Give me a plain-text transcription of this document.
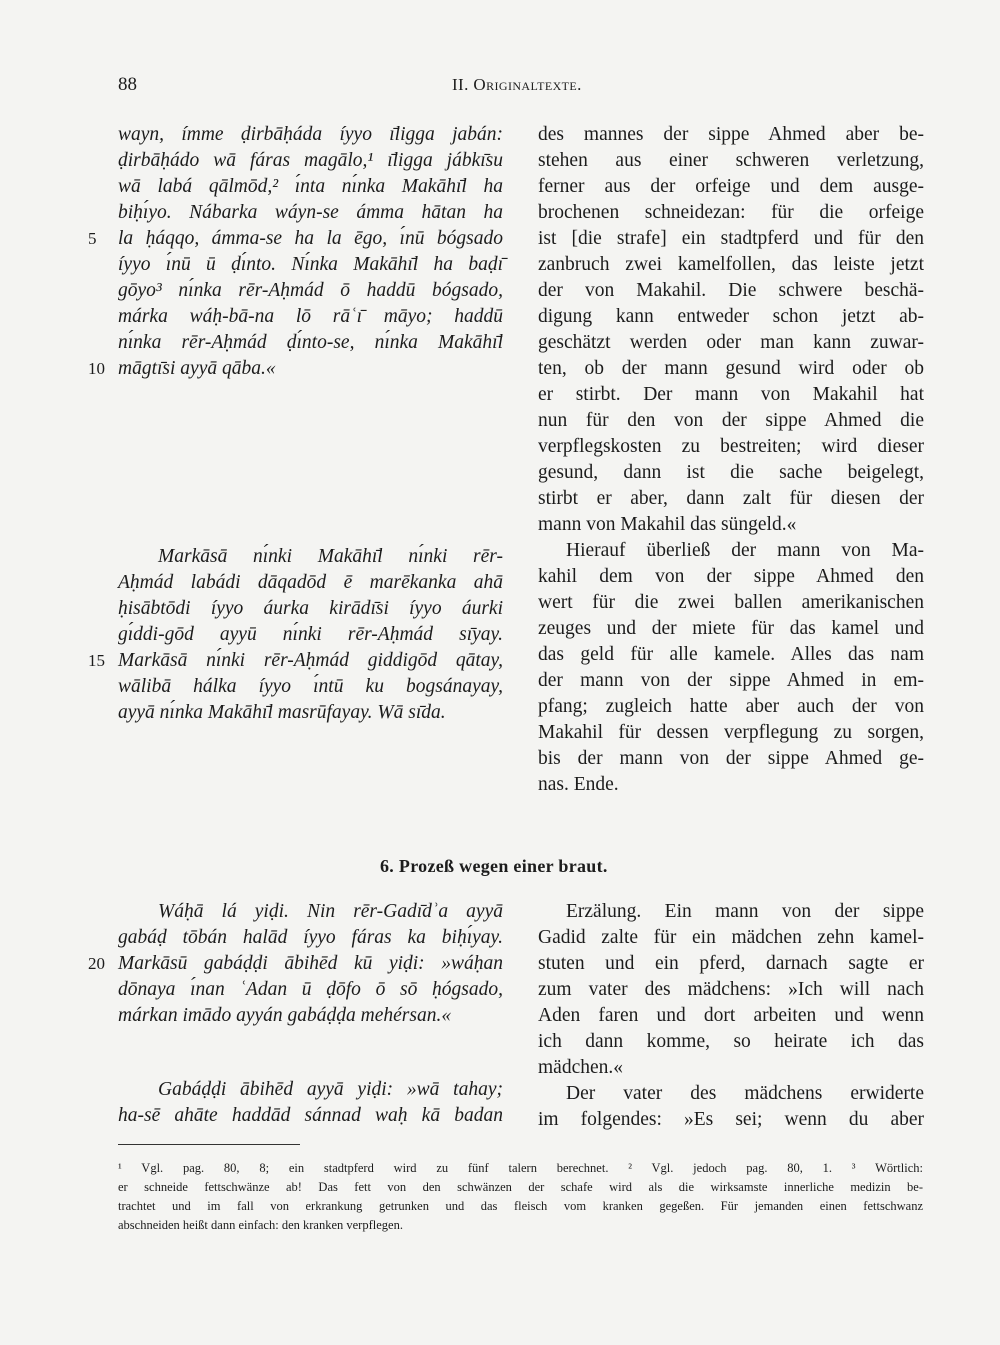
88	II. Originaltexte.
wayn, ímme ḍirbāḥáda íyyo ı̄ligga jabán:
ḍirbāḥádo wā fáras magālo,¹ ı̄ligga jábkı̄su
wā labá qālmōd,² ı́nta nı́nka Makāhı̄l ha
biḥı́yo. Nábarka wáyn-se ámma hātan ha
5 la ḥáqqo, ámma-se ha la ēgo, ı́nū bógsado
íyyo ı́nū ū ḍı́nto. Nı́nka Makāhı̄l ha baḍı̄
gōyo³ nı́nka rēr-Aḥmád ō haddū bógsado,
márka wáḥ-bā-na lō rāʿı̄ māyo; haddū
nı́nka rēr-Aḥmád ḍı́nto-se, nı́nka Makāhı̄l
10 māgtı̄si ayyā qāba.«
des mannes der sippe Ahmed aber be-
stehen aus einer schweren verletzung,
ferner aus der orfeige und dem ausge-
brochenen schneidezan: für die orfeige
ist [die strafe] ein stadtpferd und für den
zanbruch zwei kamelfollen, das leiste jetzt
der von Makahil. Die schwere beschä-
digung kann entweder schon jetzt ab-
geschätzt werden oder man kann zuwar-
ten, ob der mann gesund wird oder ob
er stirbt. Der mann von Makahil hat
nun für den von der sippe Ahmed die
verpflegskosten zu bestreiten; wird dieser
gesund, dann ist die sache beigelegt,
stirbt er aber, dann zalt für diesen der
mann von Makahil das süngeld.«
Hierauf überließ der mann von Ma-
kahil dem von der sippe Ahmed den
wert für die zwei ballen amerikanischen
zeuges und der miete für das kamel und
das geld für alle kamele. Alles das nam
der mann von der sippe Ahmed in em-
pfang; zugleich hatte aber auch der von
Makahil für dessen verpflegung zu sorgen,
bis der mann von der sippe Ahmed ge-
nas. Ende.
Markāsā nı́nki Makāhı̄l nı́nki rēr-
Aḥmád labádi dāqadōd ē marēkanka ahā
ḥisābtōdi íyyo áurka kirādı̄si íyyo áurki
gı́ddi-gōd ayyū nı́nki rēr-Aḥmád sı̄yay.
15 Markāsā nı́nki rēr-Aḥmád giddigōd qātay,
wālibā hálka íyyo ı́ntū ku bogsánayay,
ayyā nı́nka Makāhı̄l masrūfayay. Wā sı̄da.
6. Prozeß wegen einer braut.
Wáḥā lá yiḍi. Nin rēr-Gadı̄dʾa ayyā
gabáḍ tōbán halād íyyo fáras ka biḥı́yay.
20 Markāsū gabáḍḍi ābihēd kū yiḍi: »wáḥan
dōnaya ı́nan ʿAdan ū ḍōfo ō sō ḥógsado,
márkan imādo ayyán gabáḍḍa mehérsan.«
Gabáḍḍi ābihēd ayyā yiḍi: »wā tahay;
ha-sē ahāte haddād sánnad waḥ kā badan
Erzälung. Ein mann von der sippe
Gadid zalte für ein mädchen zehn kamel-
stuten und ein pferd, darnach sagte er
zum vater des mädchens: »Ich will nach
Aden faren und dort arbeiten und wenn
ich dann komme, so heirate ich das
mädchen.«
Der vater des mädchens erwiderte
im folgendes: »Es sei; wenn du aber
¹ Vgl. pag. 80, 8; ein stadtpferd wird zu fünf talern berechnet. ² Vgl. jedoch pag. 80, 1. ³ Wörtlich:
er schneide fettschwänze ab! Das fett von den schwänzen der schafe wird als die wirksamste innerliche medizin be-
trachtet und im fall von erkrankung getrunken und das fleisch vom kranken gegeßen. Für jemanden einen fettschwanz
abschneiden heißt dann einfach: den kranken verpflegen.
